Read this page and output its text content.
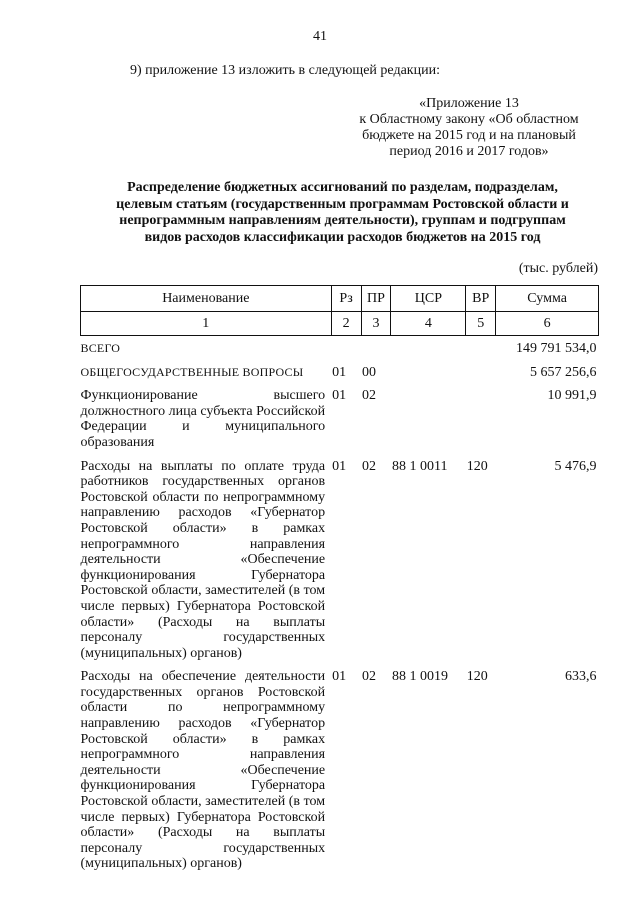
41
9) приложение 13 изложить в следующей редакции:
«Приложение 13
к Областному закону «Об областном
бюджете на 2015 год и на плановый
период 2016 и 2017 годов»
Распределение бюджетных ассигнований по разделам, подразделам,
целевым статьям (государственным программам Ростовской области и
непрограммным направлениям деятельности), группам и подгруппам
видов расходов классификации расходов бюджетов на 2015 год
(тыс. рублей)
Наименование	Рз	ПР	ЦСР	ВР	Сумма
1	2	3	4	5	6
ВСЕГО					149 791 534,0
ОБЩЕГОСУДАРСТВЕННЫЕ ВОПРОСЫ	01	00			5 657 256,6
Функционирование высшего должностного лица субъекта Российской Федерации и муниципального образования	01	02			10 991,9
Расходы на выплаты по оплате труда работников государственных органов Ростовской области по непрограммному направлению расходов «Губернатор Ростовской области» в рамках непрограммного направления деятельности «Обеспечение функционирования Губернатора Ростовской области, заместителей (в том числе первых) Губернатора Ростовской области» (Расходы на выплаты персоналу государственных (муниципальных) органов)	01	02	88 1 0011	120	5 476,9
Расходы на обеспечение деятельности государственных органов Ростовской области по непрограммному направлению расходов «Губернатор Ростовской области» в рамках непрограммного направления деятельности «Обеспечение функционирования Губернатора Ростовской области, заместителей (в том числе первых) Губернатора Ростовской области» (Расходы на выплаты персоналу государственных (муниципальных) органов)	01	02	88 1 0019	120	633,6
